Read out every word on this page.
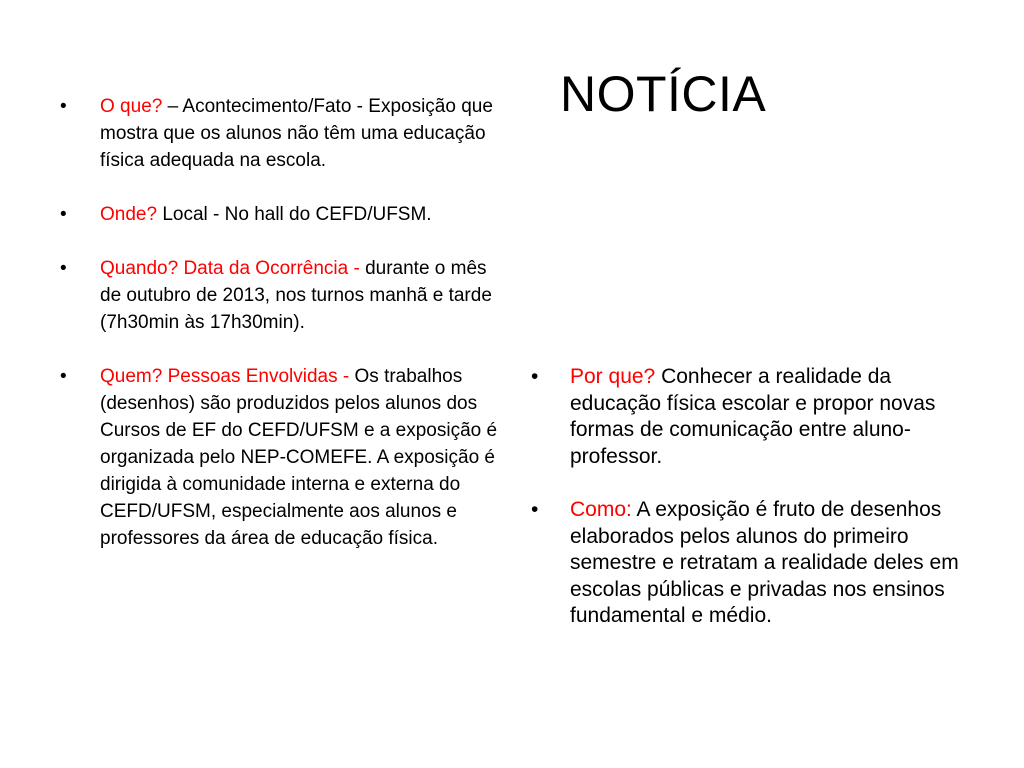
NOTÍCIA
• O que? – Acontecimento/Fato - Exposição que mostra que os alunos não têm uma educação física adequada na escola.
• Onde? Local - No hall do CEFD/UFSM.
• Quando? Data da Ocorrência - durante o mês de outubro de 2013, nos turnos manhã e tarde (7h30min às 17h30min).
• Quem? Pessoas Envolvidas - Os trabalhos (desenhos) são produzidos pelos alunos dos Cursos de EF do CEFD/UFSM e a exposição é organizada pelo NEP-COMEFE. A exposição é dirigida à comunidade interna e externa do CEFD/UFSM, especialmente aos alunos e professores da área de educação física.
• Por que? Conhecer a realidade da educação física escolar e propor novas formas de comunicação entre aluno-professor.
• Como: A exposição é fruto de desenhos elaborados pelos alunos do primeiro semestre e retratam a realidade deles em escolas públicas e privadas nos ensinos fundamental e médio.
